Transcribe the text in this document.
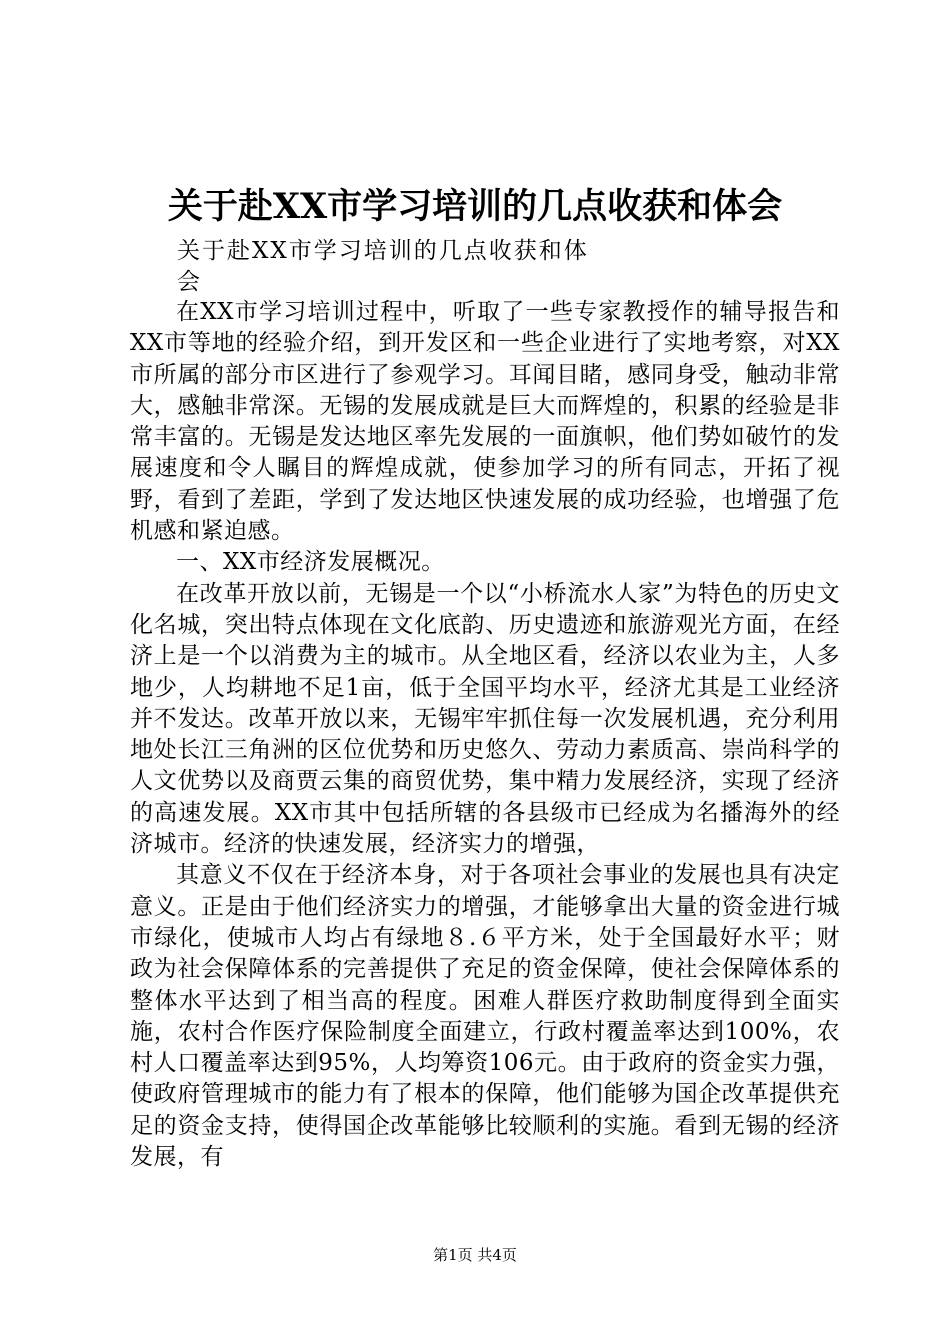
关于赴XX市学习培训的几点收获和体会
关于赴XX市学习培训的几点收获和体会

在XX市学习培训过程中，听取了一些专家教授作的辅导报告和XX市等地的经验介绍，到开发区和一些企业进行了实地考察，对XX市所属的部分市区进行了参观学习。耳闻目睹，感同身受，触动非常大，感触非常深。无锡的发展成就是巨大而辉煌的，积累的经验是非常丰富的。无锡是发达地区率先发展的一面旗帜，他们势如破竹的发展速度和令人瞩目的辉煌成就，使参加学习的所有同志，开拓了视野，看到了差距，学到了发达地区快速发展的成功经验，也增强了危机感和紧迫感。

一、XX市经济发展概况。

在改革开放以前，无锡是一个以“小桥流水人家”为特色的历史文化名城，突出特点体现在文化底韵、历史遗迹和旅游观光方面，在经济上是一个以消费为主的城市。从全地区看，经济以农业为主，人多地少，人均耕地不足1亩，低于全国平均水平，经济尤其是工业经济并不发达。改革开放以来，无锡牢牢抓住每一次发展机遇，充分利用地处长江三角洲的区位优势和历史悠久、劳动力素质高、崇尚科学的人文优势以及商贾云集的商贸优势，集中精力发展经济，实现了经济的高速发展。XX市其中包括所辖的各县级市已经成为名播海外的经济城市。经济的快速发展，经济实力的增强，

其意义不仅在于经济本身，对于各项社会事业的发展也具有决定意义。正是由于他们经济实力的增强，才能够拿出大量的资金进行城市绿化，使城市人均占有绿地８.６平方米，处于全国最好水平；财政为社会保障体系的完善提供了充足的资金保障，使社会保障体系的整体水平达到了相当高的程度。困难人群医疗救助制度得到全面实施，农村合作医疗保险制度全面建立，行政村覆盖率达到100%，农村人口覆盖率达到95%，人均筹资106元。由于政府的资金实力强，使政府管理城市的能力有了根本的保障，他们能够为国企改革提供充足的资金支持，使得国企改革能够比较顺利的实施。看到无锡的经济发展，有

第1页 共4页
